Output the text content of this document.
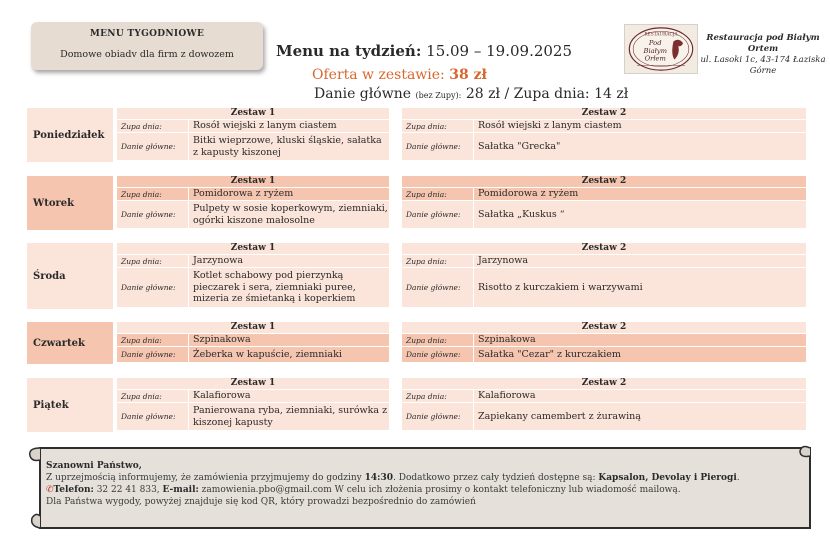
MENU TYGODNIOWE
Domowe obiadv dla firm z dowozem	Menu na tydzień: 15.09 – 19.09.2025
Oferta w zestawie: 38 zł
Danie główne (bez Zupy): 28 zł / Zupa dnia: 14 zł
RESTAURACJA
Pod
Białym
Orłem
Restauracja pod Białym Ortem
ul. Lasoki 1c, 43-174 Łaziska Górne
Poniedziałek
Zestaw 1
Zupa dnia:	Rosół wiejski z lanym ciastem
Danie główne:
Bitki wieprzowe, kluski śląskie, sałatka z kapusty kiszonej
Zestaw 2
Zupa dnia:	Rosół wiejski z lanym ciastem
Danie główne:	Sałatka "Grecka"
Wtorek
Zestaw 1
Zupa dnia:	Pomidorowa z ryżem
Danie główne:
Pulpety w sosie koperkowym, ziemniaki, ogórki kiszone małosolne
Zestaw 2
Zupa dnia:	Pomidorowa z ryżem
Danie główne:	Sałatka „Kuskus “
Środa
Zestaw 1
Zupa dnia:	Jarzynowa
Danie główne:
Kotlet schabowy pod pierzynką pieczarek i sera, ziemniaki puree, mizeria ze śmietanką i koperkiem
Zestaw 2
Zupa dnia:	Jarzynowa
Danie główne:	Risotto z kurczakiem i warzywami
Czwartek
Zestaw 1
Zupa dnia:	Szpinakowa
Danie główne:	Żeberka w kapuście, ziemniaki
Zestaw 2
Zupa dnia:	Szpinakowa
Danie główne:	Sałatka "Cezar" z kurczakiem
Piątek
Zestaw 1
Zupa dnia:	Kalafiorowa
Danie główne:
Panierowana ryba, ziemniaki, surówka z kiszonej kapusty
Zestaw 2
Zupa dnia:	Kalafiorowa
Danie główne:	Zapiekany camembert z żurawiną
Szanowni Państwo,
Z uprzejmością informujemy, że zamówienia przyjmujemy do godziny 14:30. Dodatkowo przez cały tydzień dostępne są: Kapsalon, Devolay i Pierogi.
✆Telefon: 32 22 41 833, E-mail: zamowienia.pbo@gmail.com W celu ich złożenia prosimy o kontakt telefoniczny lub wiadomość mailową.
Dla Państwa wygody, powyżej znajduje się kod QR, który prowadzi bezpośrednio do zamówień
